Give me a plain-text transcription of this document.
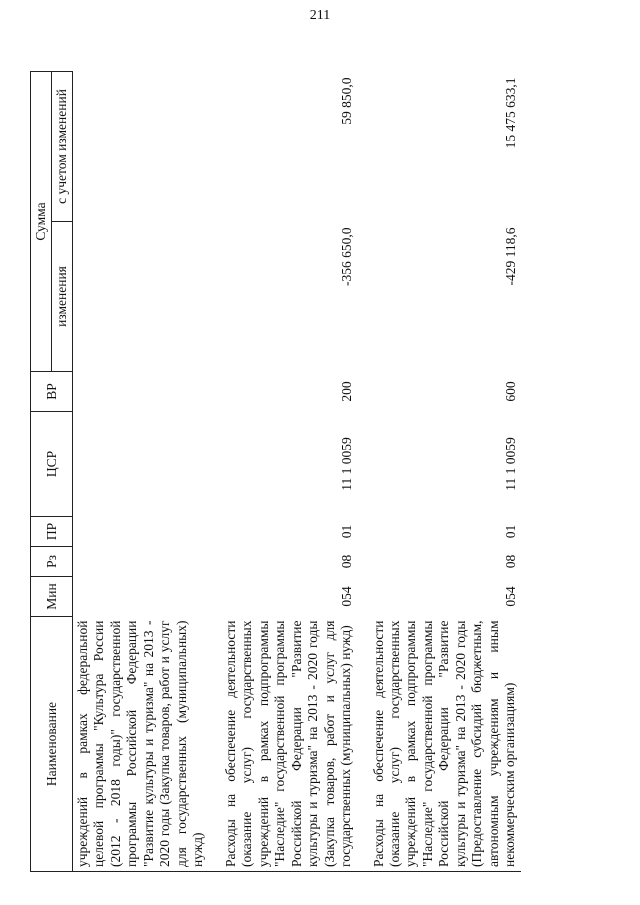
211
Наименование	Мин	Рз	ПР	ЦСР	ВР	Сумма	
						изменения	с учетом изменений
учреждений в рамках федеральной целевой программы "Культура России (2012 - 2018 годы)" государственной программы Российской Федерации "Развитие культуры и туризма" на 2013 - 2020 годы (Закупка товаров, работ и услуг для государственных (муниципальных) нужд)							

Расходы на обеспечение деятельности (оказание услуг) государственных учреждений в рамках подпрограммы "Наследие" государственной программы Российской Федерации "Развитие культуры и туризма" на 2013 - 2020 годы (Закупка товаров, работ и услуг для государственных (муниципальных) нужд)	054	08	01	11 1 0059	200	-356 650,0	59 850,0

Расходы на обеспечение деятельности (оказание услуг) государственных учреждений в рамках подпрограммы "Наследие" государственной программы Российской Федерации "Развитие культуры и туризма" на 2013 - 2020 годы (Предоставление субсидий бюджетным, автономным учреждениям и иным некоммерческим организациям)	054	08	01	11 1 0059	600	-429 118,6	15 475 633,1
